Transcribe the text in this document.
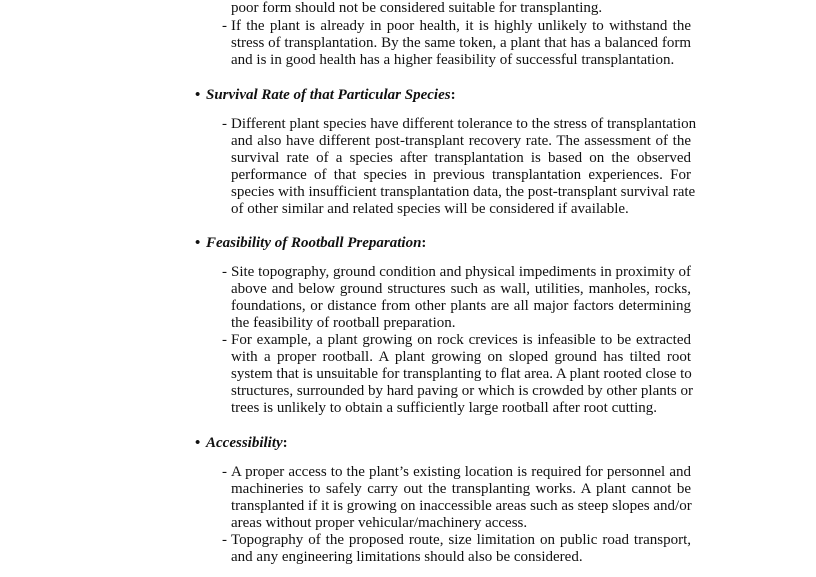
poor form should not be considered suitable for transplanting.
- If the plant is already in poor health, it is highly unlikely to withstand the
stress of transplantation. By the same token, a plant that has a balanced form
and is in good health has a higher feasibility of successful transplantation.
• Survival Rate of that Particular Species:
- Different plant species have different tolerance to the stress of transplantation
and also have different post-transplant recovery rate. The assessment of the
survival rate of a species after transplantation is based on the observed
performance of that species in previous transplantation experiences. For
species with insufficient transplantation data, the post-transplant survival rate
of other similar and related species will be considered if available.
• Feasibility of Rootball Preparation:
- Site topography, ground condition and physical impediments in proximity of
above and below ground structures such as wall, utilities, manholes, rocks,
foundations, or distance from other plants are all major factors determining
the feasibility of rootball preparation.
- For example, a plant growing on rock crevices is infeasible to be extracted
with a proper rootball. A plant growing on sloped ground has tilted root
system that is unsuitable for transplanting to flat area. A plant rooted close to
structures, surrounded by hard paving or which is crowded by other plants or
trees is unlikely to obtain a sufficiently large rootball after root cutting.
• Accessibility:
- A proper access to the plant’s existing location is required for personnel and
machineries to safely carry out the transplanting works. A plant cannot be
transplanted if it is growing on inaccessible areas such as steep slopes and/or
areas without proper vehicular/machinery access.
- Topography of the proposed route, size limitation on public road transport,
and any engineering limitations should also be considered.
